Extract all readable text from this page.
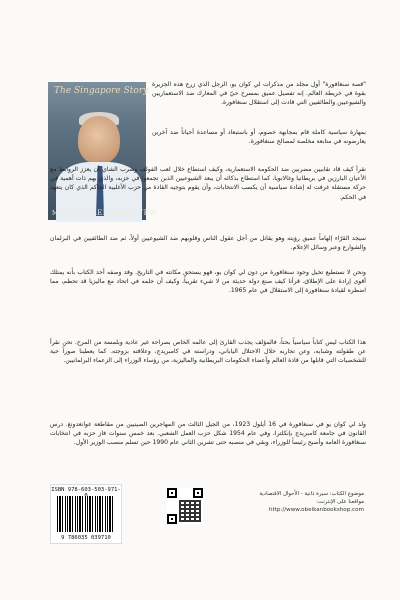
The Singapore Story
Memoirs of LEE KUAN YEW
"قصة سنغافورة" أول مجلد من مذكرات لي كوان يو، الرجل الذي زرع هذه الجزيرة بقوة في خريطة العالم. إنه تفصيل عميق بمسرح حيّ في المعارك ضد الاستعماريين والشيوعيين والطائفيين التي قادت إلى استقلال سنغافورة.
بمهارة سياسية كاملة قام بمجابهة خصوم، أو باستبعاد أو مساعدة أحياناً ضد آخرين يعارضونه في متابعة مخلصة لمصالح سنغافورة.
نقرأ كيف قاد نقابيين مضربين ضد الحكومة الاستعمارية، وكيف استطاع خلال لعب الفولف وشرب الشاي أن يعزز الروابط مع الأعيان البارزين في بريطانيا وغالانويا، كما استطاع بذكائه أن يبعد الشيوعيين الذين تجمعوا في حزبه، والذي بهم ذات أهمية في حركة مستقلة غرفت له إشادة سياسية أن يكسب الانتخابات، وأن يقوم بتوجيه القادة من حزب الأغلبية الحاكم الذي كان يتعهد في الحكم.
سيجد القرّاء إلهاماً عميق رؤيته وهو يقاتل من أجل عقول الناس وقلوبهم ضد الشيوعيين أولاً، ثم ضد الطائفيين في البرلمان والشوارع وعبر وسائل الإعلام.
ونحن لا نستطيع تخيل وجود سنغافورة من دون لي كوان يو، فهو يستحق مكانته في التاريخ. وقد وصفه أحد الكتاب بأنه يمتلك أقوى إرادة على الإطلاق. قرأنا كيف صنع دولة حديثة من لا شيء تقريباً، وكيف أن حلمه في اتحاد مع ماليزيا قد تحطم، مما اضطره لقيادة سنغافورة إلى الاستقلال في عام 1965.
هذا الكتاب ليس كتاباً سياسياً بحتاً، فالمؤلف يجذب القارئ إلى عالمه الخاص بصراحة غير عادية وبلمسة من المرح. نحن نقرأ عن طفولته وشبابه، وعن تجاربه خلال الاحتلال الياباني، ودراسته في كامبريدج، وعلاقته بزوجته. كما يعطينا صوراً حية للشخصيات التي قابلها من قادة العالم وأعضاء الحكومات البريطانية والماليزية، من رؤساء الوزراء إلى الزعماء البرلمانيين.
ولد لي كوان يو في سنغافورة في 16 أيلول 1923، من الجيل الثالث من المهاجرين الصينيين من مقاطعة غوانغدونغ. درس القانون في جامعة كامبريدج بإنكلترا، وفي عام 1954 شكل حزب العمل الشعبي. بعد خمس سنوات فاز حزبه في انتخابات سنغافورة العامة وأصبح رئيساً للوزراء، وبقي في منصبه حتى تشرين الثاني عام 1990 حين تسلم منصب الوزير الأول.
ISBN 978-603-503-971-
9 786035 039710
موضوع الكتاب: سيرة ذاتية - الأحوال الاقتصادية
مواقعنا على الإنترنت:
http://www.obeikanbookshop.com
